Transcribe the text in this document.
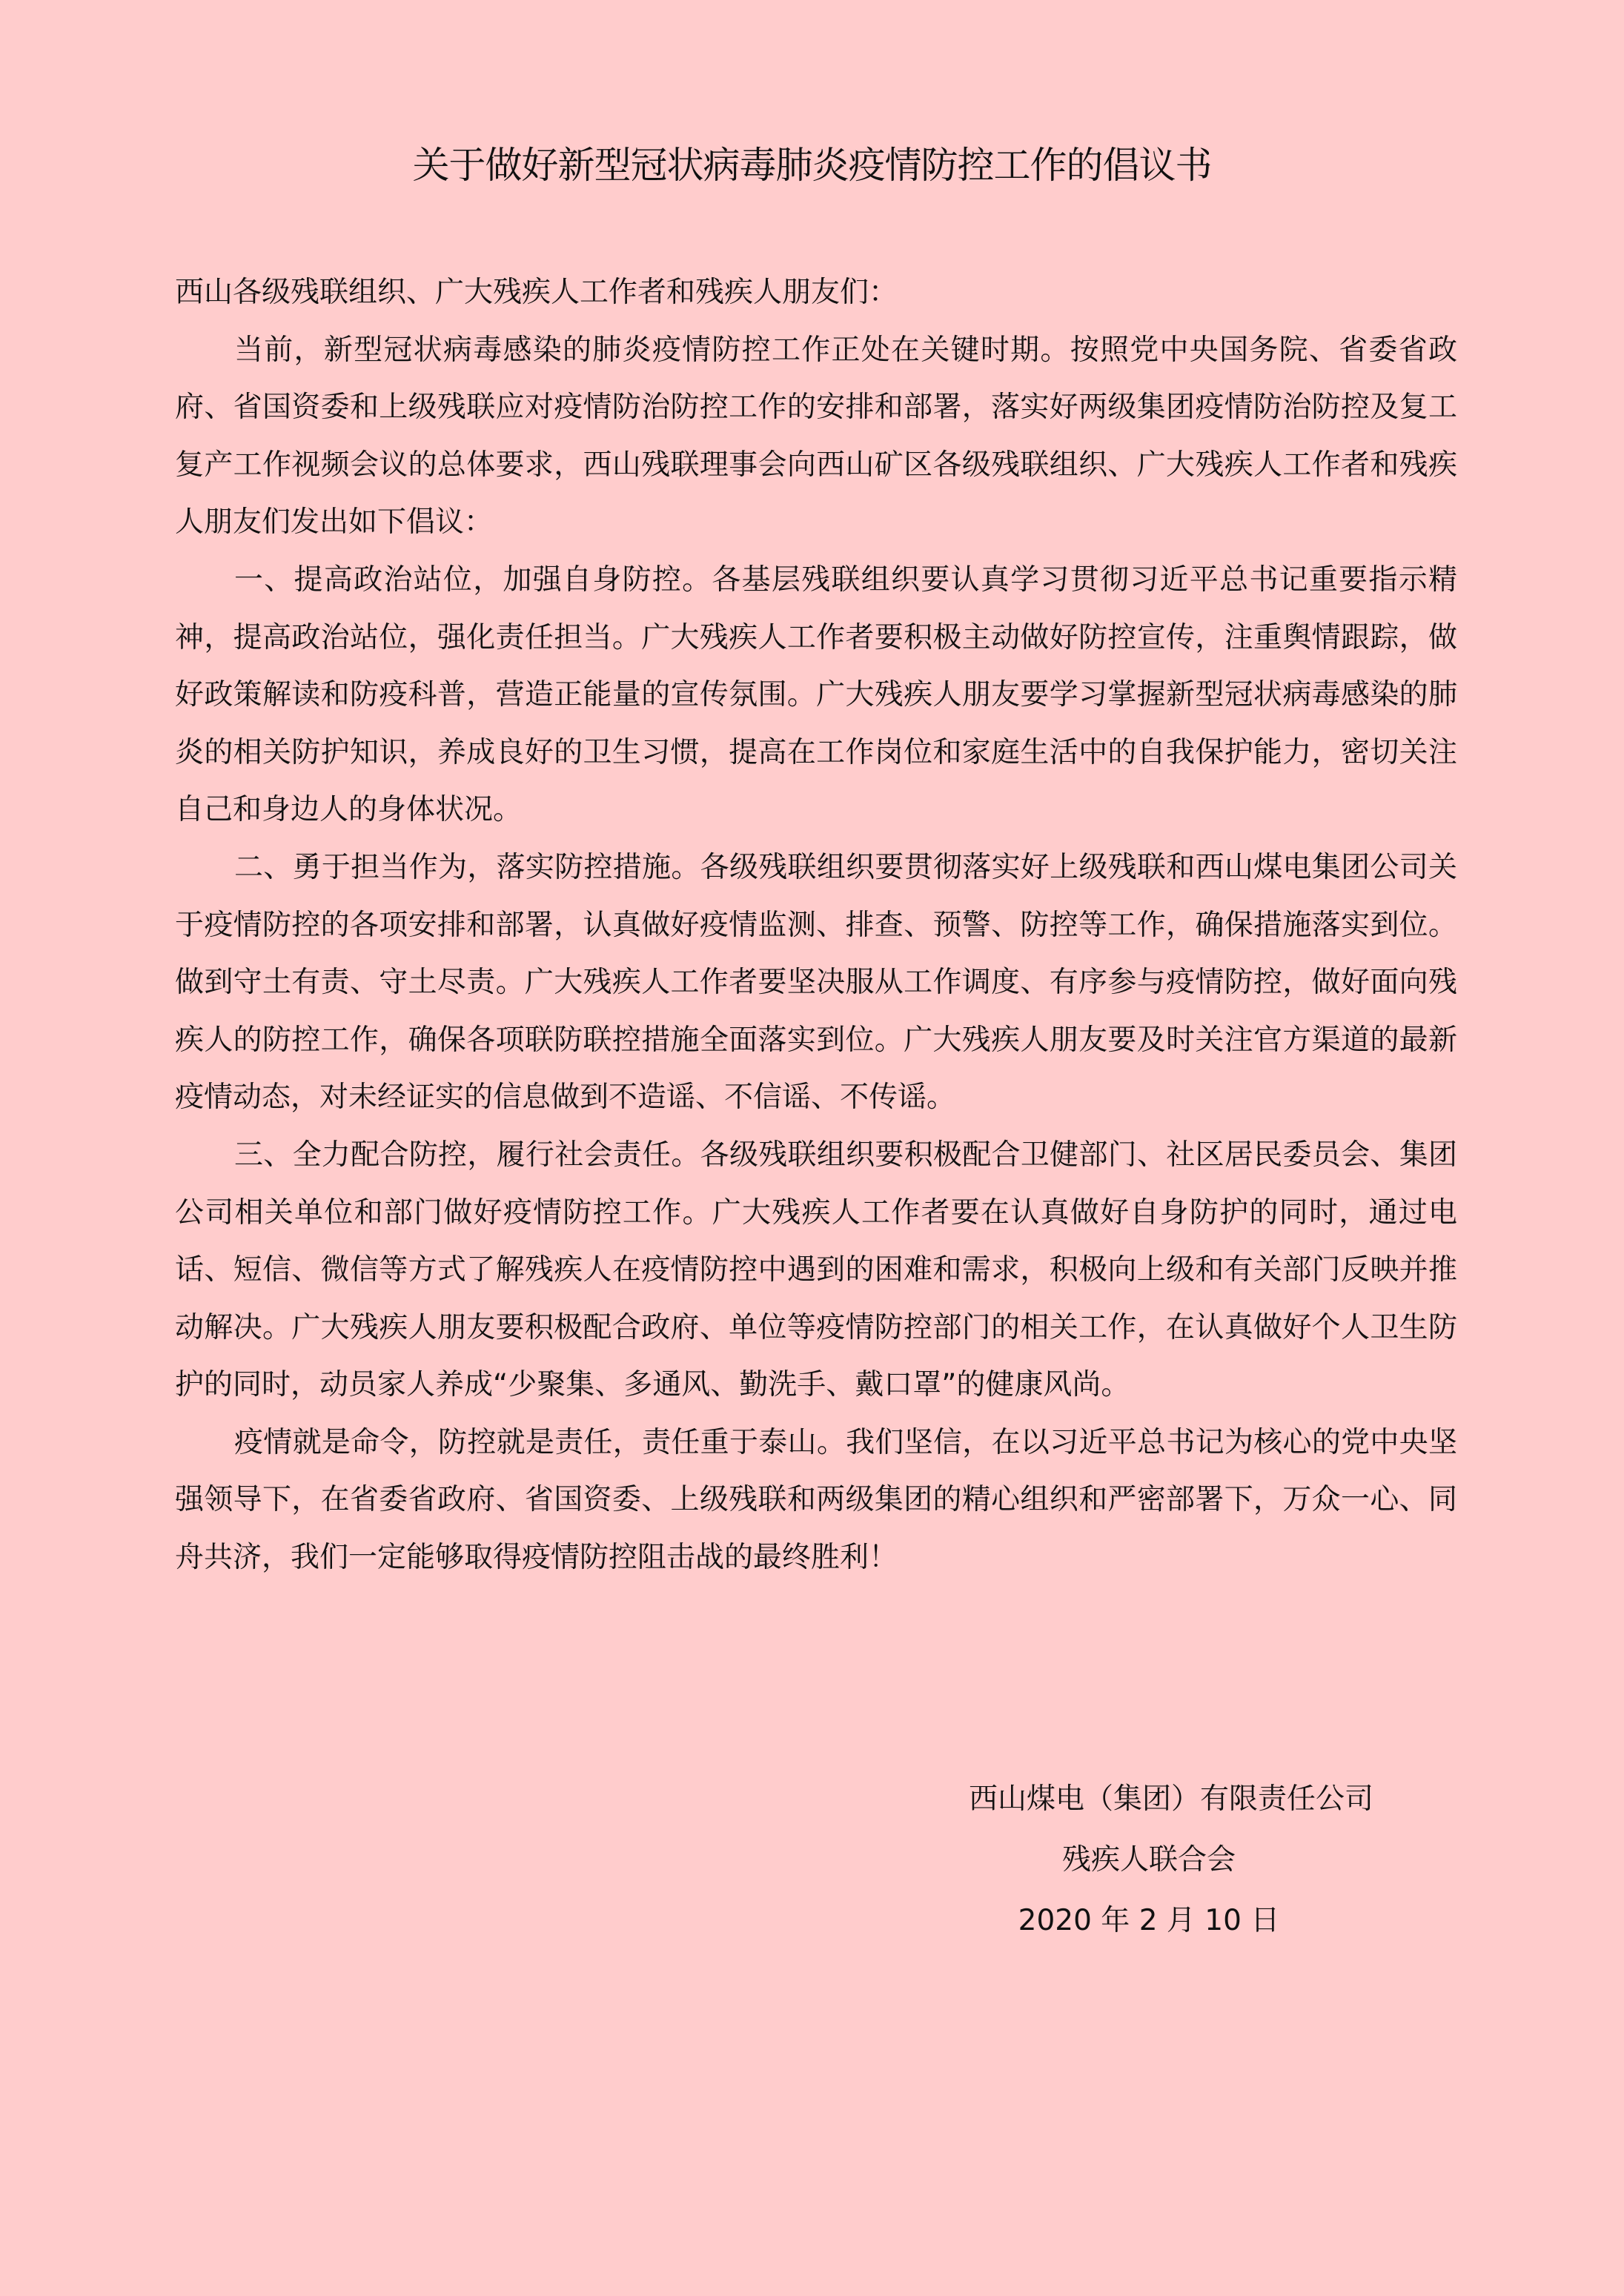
关于做好新型冠状病毒肺炎疫情防控工作的倡议书

西山各级残联组织、广大残疾人工作者和残疾人朋友们：

当前，新型冠状病毒感染的肺炎疫情防控工作正处在关键时期。按照党中央国务院、省委省政府、省国资委和上级残联应对疫情防治防控工作的安排和部署，落实好两级集团疫情防治防控及复工复产工作视频会议的总体要求，西山残联理事会向西山矿区各级残联组织、广大残疾人工作者和残疾人朋友们发出如下倡议：

一、提高政治站位，加强自身防控。各基层残联组织要认真学习贯彻习近平总书记重要指示精神，提高政治站位，强化责任担当。广大残疾人工作者要积极主动做好防控宣传，注重舆情跟踪，做好政策解读和防疫科普，营造正能量的宣传氛围。广大残疾人朋友要学习掌握新型冠状病毒感染的肺炎的相关防护知识，养成良好的卫生习惯，提高在工作岗位和家庭生活中的自我保护能力，密切关注自己和身边人的身体状况。

二、勇于担当作为，落实防控措施。各级残联组织要贯彻落实好上级残联和西山煤电集团公司关于疫情防控的各项安排和部署，认真做好疫情监测、排查、预警、防控等工作，确保措施落实到位。做到守土有责、守土尽责。广大残疾人工作者要坚决服从工作调度、有序参与疫情防控，做好面向残疾人的防控工作，确保各项联防联控措施全面落实到位。广大残疾人朋友要及时关注官方渠道的最新疫情动态，对未经证实的信息做到不造谣、不信谣、不传谣。

三、全力配合防控，履行社会责任。各级残联组织要积极配合卫健部门、社区居民委员会、集团公司相关单位和部门做好疫情防控工作。广大残疾人工作者要在认真做好自身防护的同时，通过电话、短信、微信等方式了解残疾人在疫情防控中遇到的困难和需求，积极向上级和有关部门反映并推动解决。广大残疾人朋友要积极配合政府、单位等疫情防控部门的相关工作，在认真做好个人卫生防护的同时，动员家人养成“少聚集、多通风、勤洗手、戴口罩”的健康风尚。

疫情就是命令，防控就是责任，责任重于泰山。我们坚信，在以习近平总书记为核心的党中央坚强领导下，在省委省政府、省国资委、上级残联和两级集团的精心组织和严密部署下，万众一心、同舟共济，我们一定能够取得疫情防控阻击战的最终胜利！

西山煤电（集团）有限责任公司
残疾人联合会
2020 年 2 月 10 日
